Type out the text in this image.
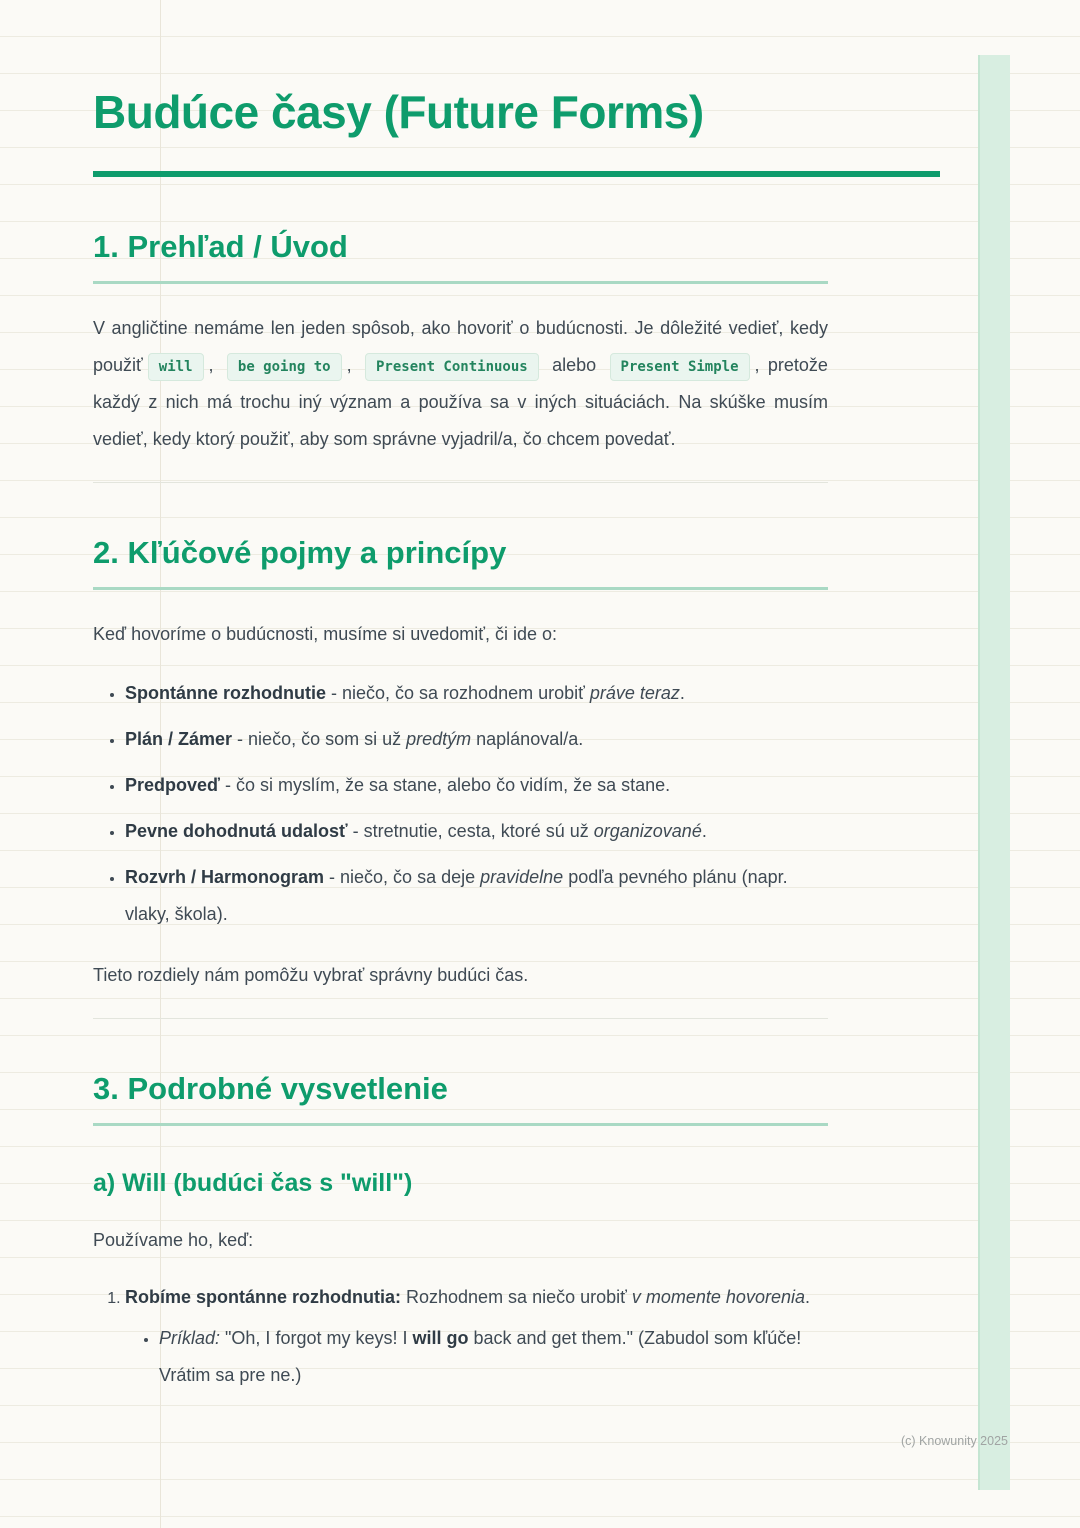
Budúce časy (Future Forms)
1. Prehľad / Úvod

V angličtine nemáme len jeden spôsob, ako hovoriť o budúcnosti. Je dôležité vedieť, kedy použiť will , be going to , Present Continuous alebo Present Simple , pretože každý z nich má trochu iný význam a používa sa v iných situáciách. Na skúške musím vedieť, kedy ktorý použiť, aby som správne vyjadril/a, čo chcem povedať.

2. Kľúčové pojmy a princípy

Keď hovoríme o budúcnosti, musíme si uvedomiť, či ide o:

• Spontánne rozhodnutie - niečo, čo sa rozhodnem urobiť práve teraz.
• Plán / Zámer - niečo, čo som si už predtým naplánoval/a.
• Predpoveď - čo si myslím, že sa stane, alebo čo vidím, že sa stane.
• Pevne dohodnutá udalosť - stretnutie, cesta, ktoré sú už organizované.
• Rozvrh / Harmonogram - niečo, čo sa deje pravidelne podľa pevného plánu (napr. vlaky, škola).

Tieto rozdiely nám pomôžu vybrať správny budúci čas.

3. Podrobné vysvetlenie
a) Will (budúci čas s "will")

Používame ho, keď:

1. Robíme spontánne rozhodnutia: Rozhodnem sa niečo urobiť v momente hovorenia.
• Príklad: "Oh, I forgot my keys! I will go back and get them." (Zabudol som kľúče! Vrátim sa pre ne.)
(c) Knowunity 2025
